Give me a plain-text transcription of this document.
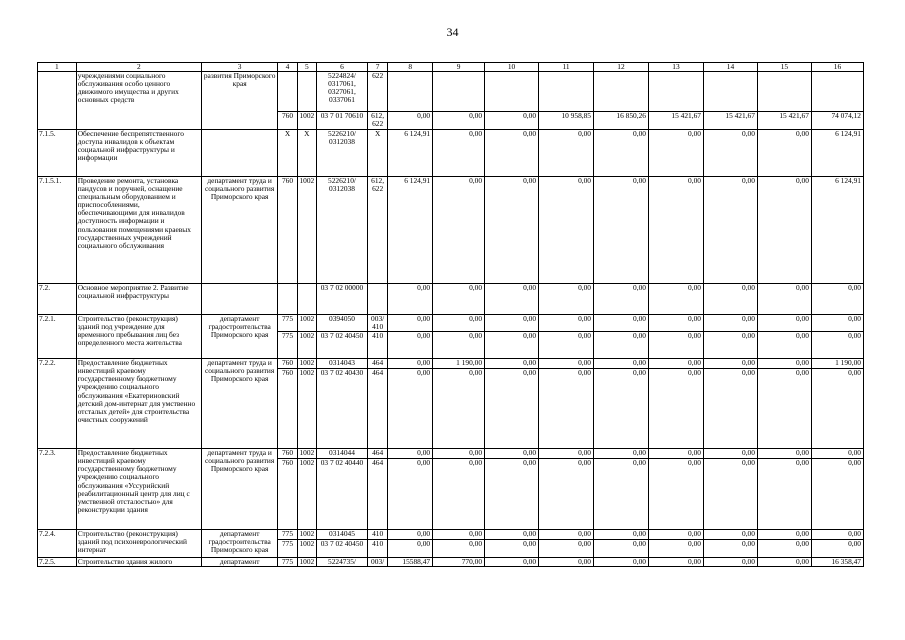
34
1	2	3	4	5	6	7	8	9	10	11	12	13	14	15	16
	учреждениями социального обслуживания особо ценного движимого имущества и других основных средств	развития Приморского края			5224824/ 0317061, 0327061, 0337061	622									
			760	1002	03 7 01 70610	612, 622	0,00	0,00	0,00	10 958,85	16 850,26	15 421,67	15 421,67	15 421,67	74 074,12
7.1.5.	Обеспечение беспрепятственного доступа инвалидов к объектам социальной инфраструктуры и информации		X	X	5226210/ 0312038	X	6 124,91	0,00	0,00	0,00	0,00	0,00	0,00	0,00	6 124,91
7.1.5.1.	Проведение ремонта, установка пандусов и поручней, оснащение специальным оборудованием и приспособлениями, обеспечивающими для инвалидов доступность информации и пользования помещениями краевых государственных учреждений социального обслуживания	департамент труда и социального развития Приморского края	760	1002	5226210/ 0312038	612, 622	6 124,91	0,00	0,00	0,00	0,00	0,00	0,00	0,00	6 124,91
7.2.	Основное мероприятие 2. Развитие социальной инфраструктуры				03 7 02 00000		0,00	0,00	0,00	0,00	0,00	0,00	0,00	0,00	0,00
7.2.1.	Строительство (реконструкция) зданий под учреждение для временного пребывания лиц без определенного места жительства	департамент градостроительства Приморского края	775	1002	0394050	003/ 410	0,00	0,00	0,00	0,00	0,00	0,00	0,00	0,00	0,00
			775	1002	03 7 02 40450	410	0,00	0,00	0,00	0,00	0,00	0,00	0,00	0,00	0,00
7.2.2.	Предоставление бюджетных инвестиций краевому государственному бюджетному учреждению социального обслуживания «Екатериновский детский дом-интернат для умственно отсталых детей» для строительства очистных сооружений	департамент труда и социального развития Приморского края	760	1002	0314043	464	0,00	1 190,00	0,00	0,00	0,00	0,00	0,00	0,00	1 190,00
			760	1002	03 7 02 40430	464	0,00	0,00	0,00	0,00	0,00	0,00	0,00	0,00	0,00
7.2.3.	Предоставление бюджетных инвестиций краевому государственному бюджетному учреждению социального обслуживания «Уссурийский реабилитационный центр для лиц с умственной отсталостью» для реконструкции здания	департамент труда и социального развития Приморского края	760	1002	0314044	464	0,00	0,00	0,00	0,00	0,00	0,00	0,00	0,00	0,00
			760	1002	03 7 02 40440	464	0,00	0,00	0,00	0,00	0,00	0,00	0,00	0,00	0,00
7.2.4.	Строительство (реконструкция) зданий под психоневрологический интернат	департамент градостроительства Приморского края	775	1002	0314045	410	0,00	0,00	0,00	0,00	0,00	0,00	0,00	0,00	0,00
			775	1002	03 7 02 40450	410	0,00	0,00	0,00	0,00	0,00	0,00	0,00	0,00	0,00
7.2.5.	Строительство здания жилого	департамент	775	1002	5224735/	003/	15588,47	770,00	0,00	0,00	0,00	0,00	0,00	0,00	16 358,47
